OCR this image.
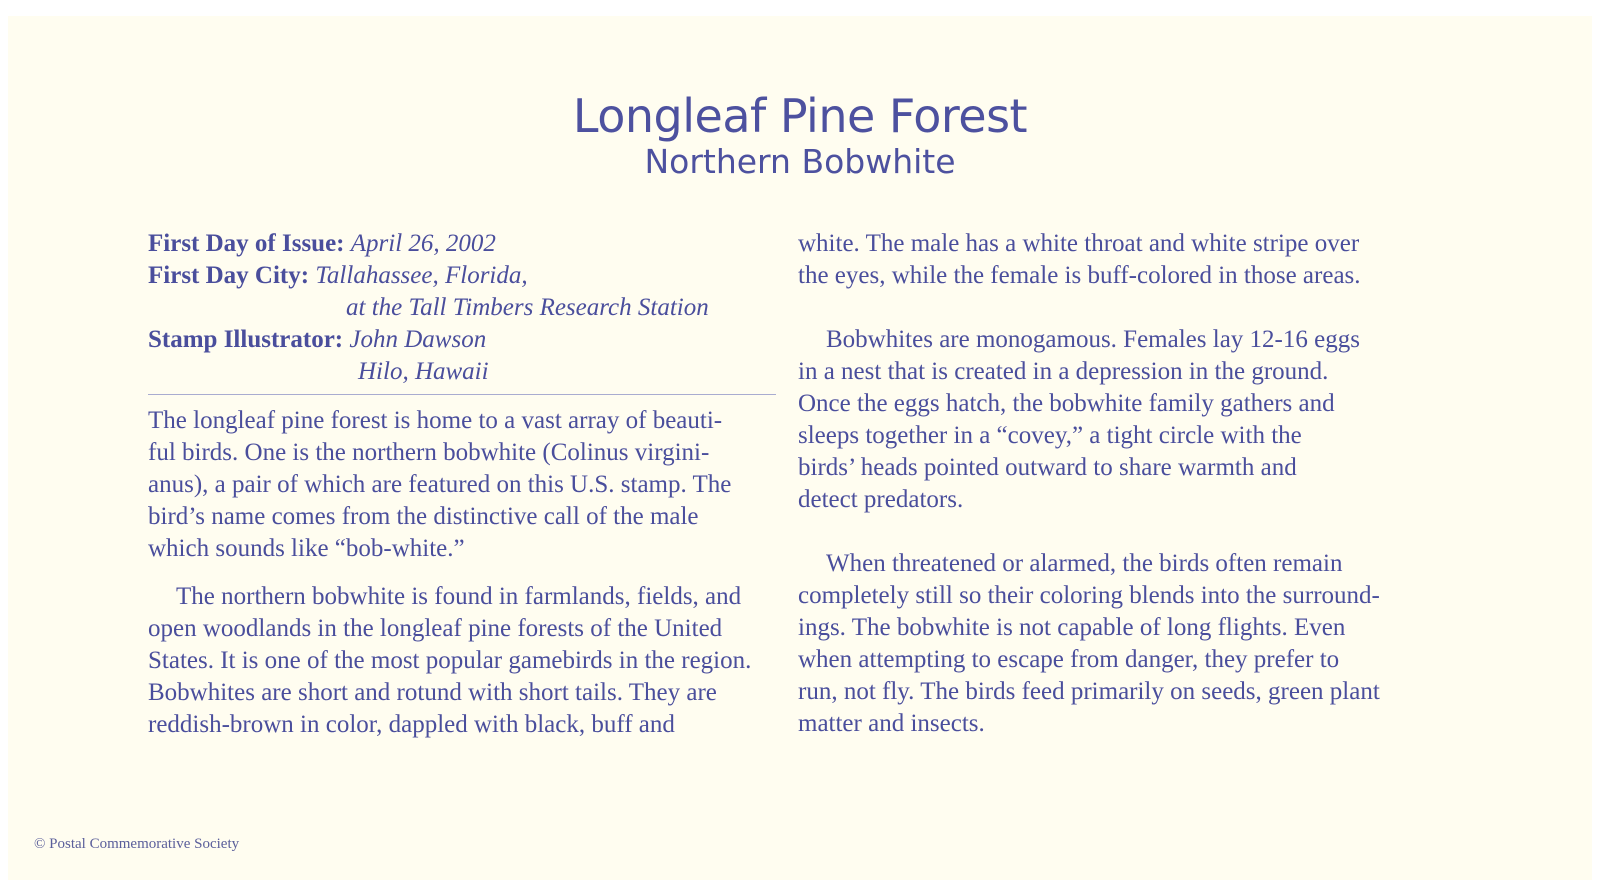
Longleaf Pine Forest
Northern Bobwhite
First Day of Issue: April 26, 2002
First Day City: Tallahassee, Florida,
at the Tall Timbers Research Station
Stamp Illustrator: John Dawson
Hilo, Hawaii

The longleaf pine forest is home to a vast array of beauti-
ful birds. One is the northern bobwhite (Colinus virgini-
anus), a pair of which are featured on this U.S. stamp. The
bird’s name comes from the distinctive call of the male
which sounds like “bob-white.”

The northern bobwhite is found in farmlands, fields, and
open woodlands in the longleaf pine forests of the United
States. It is one of the most popular gamebirds in the region.
Bobwhites are short and rotund with short tails. They are
reddish-brown in color, dappled with black, buff and

white. The male has a white throat and white stripe over
the eyes, while the female is buff-colored in those areas.

Bobwhites are monogamous. Females lay 12-16 eggs
in a nest that is created in a depression in the ground.
Once the eggs hatch, the bobwhite family gathers and
sleeps together in a “covey,” a tight circle with the
birds’ heads pointed outward to share warmth and
detect predators.

When threatened or alarmed, the birds often remain
completely still so their coloring blends into the surround-
ings. The bobwhite is not capable of long flights. Even
when attempting to escape from danger, they prefer to
run, not fly. The birds feed primarily on seeds, green plant
matter and insects.

© Postal Commemorative Society
